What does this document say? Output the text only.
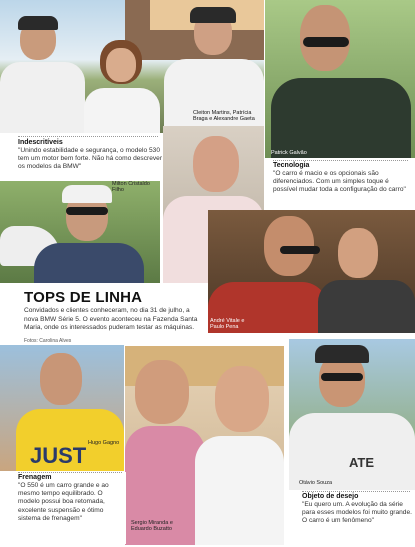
Cleiton Martins, Patrícia Braga e Alexandre Gaeta
Patrick Galvão
Indescritíveis
"Unindo estabilidade e segurança, o modelo 530 tem um motor bem forte. Não há como descrever os modelos da BMW"	Tecnologia
"O carro é macio e os opcionais são diferenciados. Com um simples toque é possível mudar toda a configuração do carro"
Milton Cristaldo Filho
André Vitale e Paulo Pena
TOPS DE LINHA
Convidados e clientes conheceram, no dia 31 de julho, a nova BMW Série 5. O evento aconteceu na Fazenda Santa Maria, onde os interessados puderam testar as máquinas.
Fotos: Carolina Alves
JUST Hugo Gagno
Sergio Miranda e Eduardo Buzatto
ATE
Otávio Souza
Frenagem
"O 550 é um carro grande e ao mesmo tempo equilibrado. O modelo possui boa retomada, excelente suspensão e ótimo sistema de frenagem"
Objeto de desejo
"Eu quero um. A evolução da série para esses modelos foi muito grande. O carro é um fenômeno"
